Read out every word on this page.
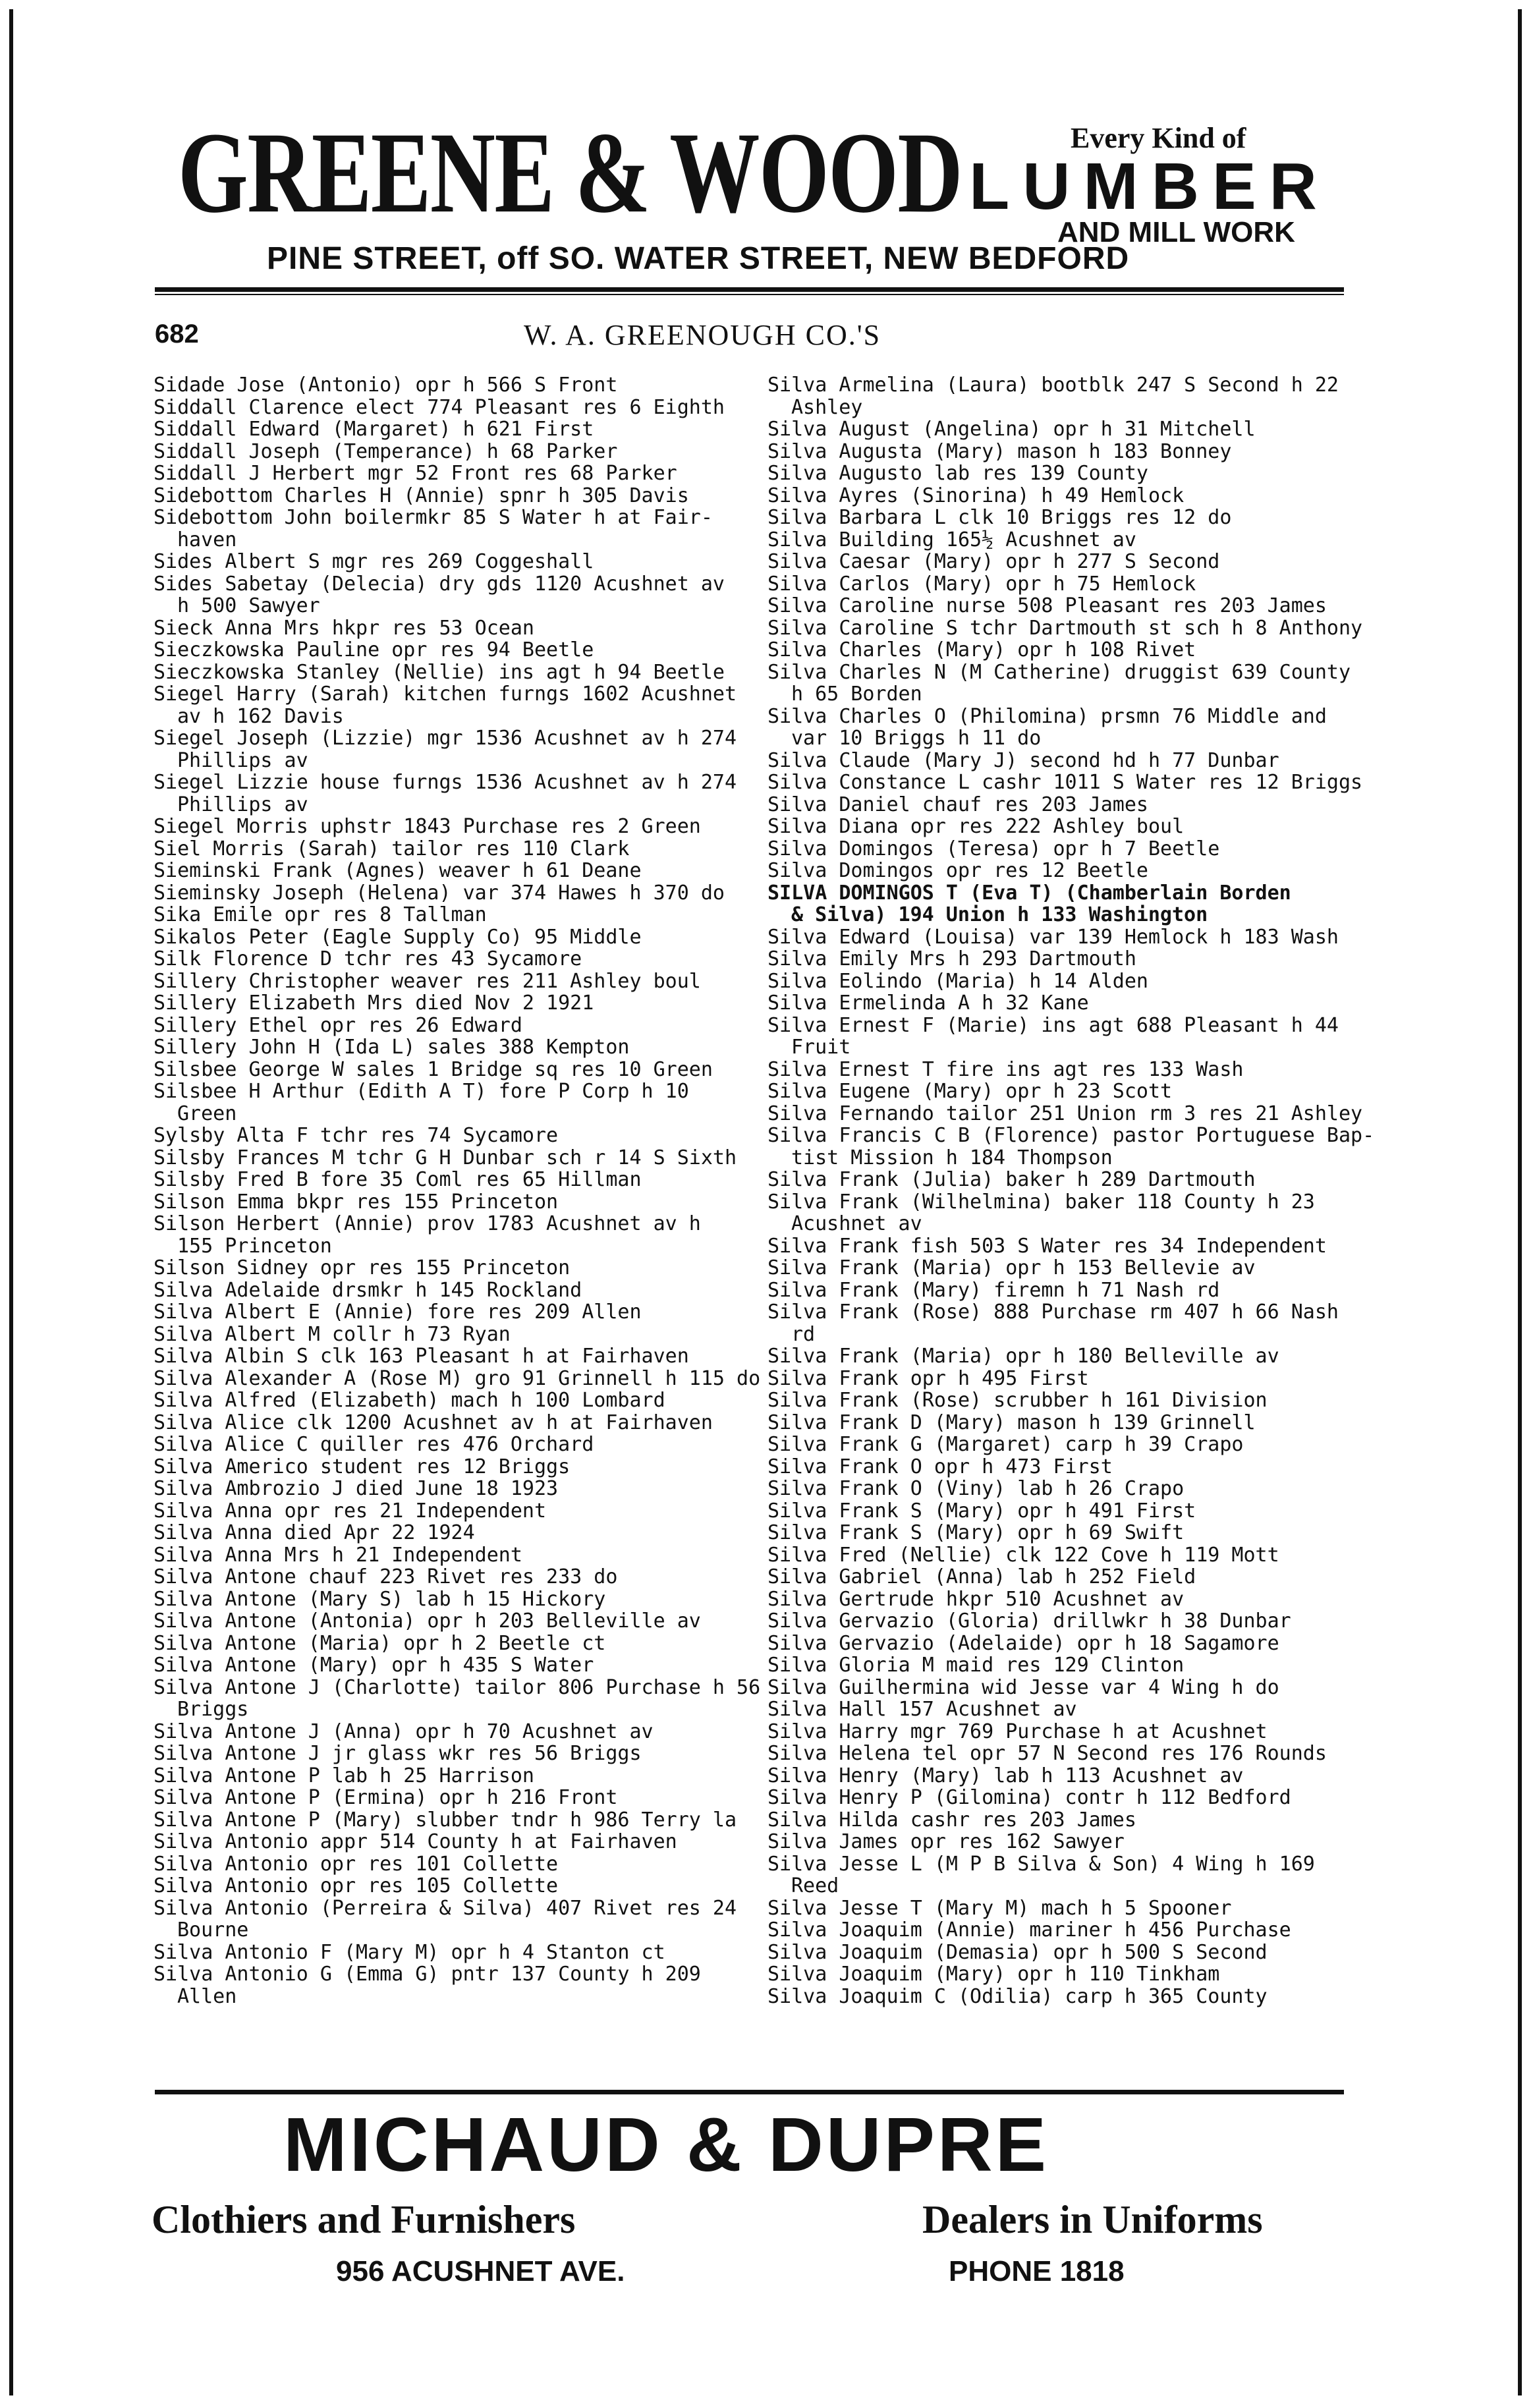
GREENE & WOOD	Every Kind of
LUMBER
AND MILL WORK
PINE STREET, off SO. WATER STREET, NEW BEDFORD
682	W. A. GREENOUGH CO.'S
Sidade Jose (Antonio) opr h 566 S Front
Siddall Clarence elect 774 Pleasant res 6 Eighth
Siddall Edward (Margaret) h 621 First
Siddall Joseph (Temperance) h 68 Parker
Siddall J Herbert mgr 52 Front res 68 Parker
Sidebottom Charles H (Annie) spnr h 305 Davis
Sidebottom John boilermkr 85 S Water h at Fair-
haven
Sides Albert S mgr res 269 Coggeshall
Sides Sabetay (Delecia) dry gds 1120 Acushnet av
h 500 Sawyer
Sieck Anna Mrs hkpr res 53 Ocean
Sieczkowska Pauline opr res 94 Beetle
Sieczkowska Stanley (Nellie) ins agt h 94 Beetle
Siegel Harry (Sarah) kitchen furngs 1602 Acushnet
av h 162 Davis
Siegel Joseph (Lizzie) mgr 1536 Acushnet av h 274
Phillips av
Siegel Lizzie house furngs 1536 Acushnet av h 274
Phillips av
Siegel Morris uphstr 1843 Purchase res 2 Green
Siel Morris (Sarah) tailor res 110 Clark
Sieminski Frank (Agnes) weaver h 61 Deane
Sieminsky Joseph (Helena) var 374 Hawes h 370 do
Sika Emile opr res 8 Tallman
Sikalos Peter (Eagle Supply Co) 95 Middle
Silk Florence D tchr res 43 Sycamore
Sillery Christopher weaver res 211 Ashley boul
Sillery Elizabeth Mrs died Nov 2 1921
Sillery Ethel opr res 26 Edward
Sillery John H (Ida L) sales 388 Kempton
Silsbee George W sales 1 Bridge sq res 10 Green
Silsbee H Arthur (Edith A T) fore P Corp h 10
Green
Sylsby Alta F tchr res 74 Sycamore
Silsby Frances M tchr G H Dunbar sch r 14 S Sixth
Silsby Fred B fore 35 Coml res 65 Hillman
Silson Emma bkpr res 155 Princeton
Silson Herbert (Annie) prov 1783 Acushnet av h
155 Princeton
Silson Sidney opr res 155 Princeton
Silva Adelaide drsmkr h 145 Rockland
Silva Albert E (Annie) fore res 209 Allen
Silva Albert M collr h 73 Ryan
Silva Albin S clk 163 Pleasant h at Fairhaven
Silva Alexander A (Rose M) gro 91 Grinnell h 115 do
Silva Alfred (Elizabeth) mach h 100 Lombard
Silva Alice clk 1200 Acushnet av h at Fairhaven
Silva Alice C quiller res 476 Orchard
Silva Americo student res 12 Briggs
Silva Ambrozio J died June 18 1923
Silva Anna opr res 21 Independent
Silva Anna died Apr 22 1924
Silva Anna Mrs h 21 Independent
Silva Antone chauf 223 Rivet res 233 do
Silva Antone (Mary S) lab h 15 Hickory
Silva Antone (Antonia) opr h 203 Belleville av
Silva Antone (Maria) opr h 2 Beetle ct
Silva Antone (Mary) opr h 435 S Water
Silva Antone J (Charlotte) tailor 806 Purchase h 56
Briggs
Silva Antone J (Anna) opr h 70 Acushnet av
Silva Antone J jr glass wkr res 56 Briggs
Silva Antone P lab h 25 Harrison
Silva Antone P (Ermina) opr h 216 Front
Silva Antone P (Mary) slubber tndr h 986 Terry la
Silva Antonio appr 514 County h at Fairhaven
Silva Antonio opr res 101 Collette
Silva Antonio opr res 105 Collette
Silva Antonio (Perreira & Silva) 407 Rivet res 24
Bourne
Silva Antonio F (Mary M) opr h 4 Stanton ct
Silva Antonio G (Emma G) pntr 137 County h 209
Allen
Silva Armelina (Laura) bootblk 247 S Second h 22
Ashley
Silva August (Angelina) opr h 31 Mitchell
Silva Augusta (Mary) mason h 183 Bonney
Silva Augusto lab res 139 County
Silva Ayres (Sinorina) h 49 Hemlock
Silva Barbara L clk 10 Briggs res 12 do
Silva Building 165½ Acushnet av
Silva Caesar (Mary) opr h 277 S Second
Silva Carlos (Mary) opr h 75 Hemlock
Silva Caroline nurse 508 Pleasant res 203 James
Silva Caroline S tchr Dartmouth st sch h 8 Anthony
Silva Charles (Mary) opr h 108 Rivet
Silva Charles N (M Catherine) druggist 639 County
h 65 Borden
Silva Charles O (Philomina) prsmn 76 Middle and
var 10 Briggs h 11 do
Silva Claude (Mary J) second hd h 77 Dunbar
Silva Constance L cashr 1011 S Water res 12 Briggs
Silva Daniel chauf res 203 James
Silva Diana opr res 222 Ashley boul
Silva Domingos (Teresa) opr h 7 Beetle
Silva Domingos opr res 12 Beetle
SILVA DOMINGOS T (Eva T) (Chamberlain Borden
& Silva) 194 Union h 133 Washington
Silva Edward (Louisa) var 139 Hemlock h 183 Wash
Silva Emily Mrs h 293 Dartmouth
Silva Eolindo (Maria) h 14 Alden
Silva Ermelinda A h 32 Kane
Silva Ernest F (Marie) ins agt 688 Pleasant h 44
Fruit
Silva Ernest T fire ins agt res 133 Wash
Silva Eugene (Mary) opr h 23 Scott
Silva Fernando tailor 251 Union rm 3 res 21 Ashley
Silva Francis C B (Florence) pastor Portuguese Bap-
tist Mission h 184 Thompson
Silva Frank (Julia) baker h 289 Dartmouth
Silva Frank (Wilhelmina) baker 118 County h 23
Acushnet av
Silva Frank fish 503 S Water res 34 Independent
Silva Frank (Maria) opr h 153 Bellevie av
Silva Frank (Mary) firemn h 71 Nash rd
Silva Frank (Rose) 888 Purchase rm 407 h 66 Nash
rd
Silva Frank (Maria) opr h 180 Belleville av
Silva Frank opr h 495 First
Silva Frank (Rose) scrubber h 161 Division
Silva Frank D (Mary) mason h 139 Grinnell
Silva Frank G (Margaret) carp h 39 Crapo
Silva Frank O opr h 473 First
Silva Frank O (Viny) lab h 26 Crapo
Silva Frank S (Mary) opr h 491 First
Silva Frank S (Mary) opr h 69 Swift
Silva Fred (Nellie) clk 122 Cove h 119 Mott
Silva Gabriel (Anna) lab h 252 Field
Silva Gertrude hkpr 510 Acushnet av
Silva Gervazio (Gloria) drillwkr h 38 Dunbar
Silva Gervazio (Adelaide) opr h 18 Sagamore
Silva Gloria M maid res 129 Clinton
Silva Guilhermina wid Jesse var 4 Wing h do
Silva Hall 157 Acushnet av
Silva Harry mgr 769 Purchase h at Acushnet
Silva Helena tel opr 57 N Second res 176 Rounds
Silva Henry (Mary) lab h 113 Acushnet av
Silva Henry P (Gilomina) contr h 112 Bedford
Silva Hilda cashr res 203 James
Silva James opr res 162 Sawyer
Silva Jesse L (M P B Silva & Son) 4 Wing h 169
Reed
Silva Jesse T (Mary M) mach h 5 Spooner
Silva Joaquim (Annie) mariner h 456 Purchase
Silva Joaquim (Demasia) opr h 500 S Second
Silva Joaquim (Mary) opr h 110 Tinkham
Silva Joaquim C (Odilia) carp h 365 County
MICHAUD & DUPRE
Clothiers and Furnishers	Dealers in Uniforms
956 ACUSHNET AVE.	PHONE 1818
